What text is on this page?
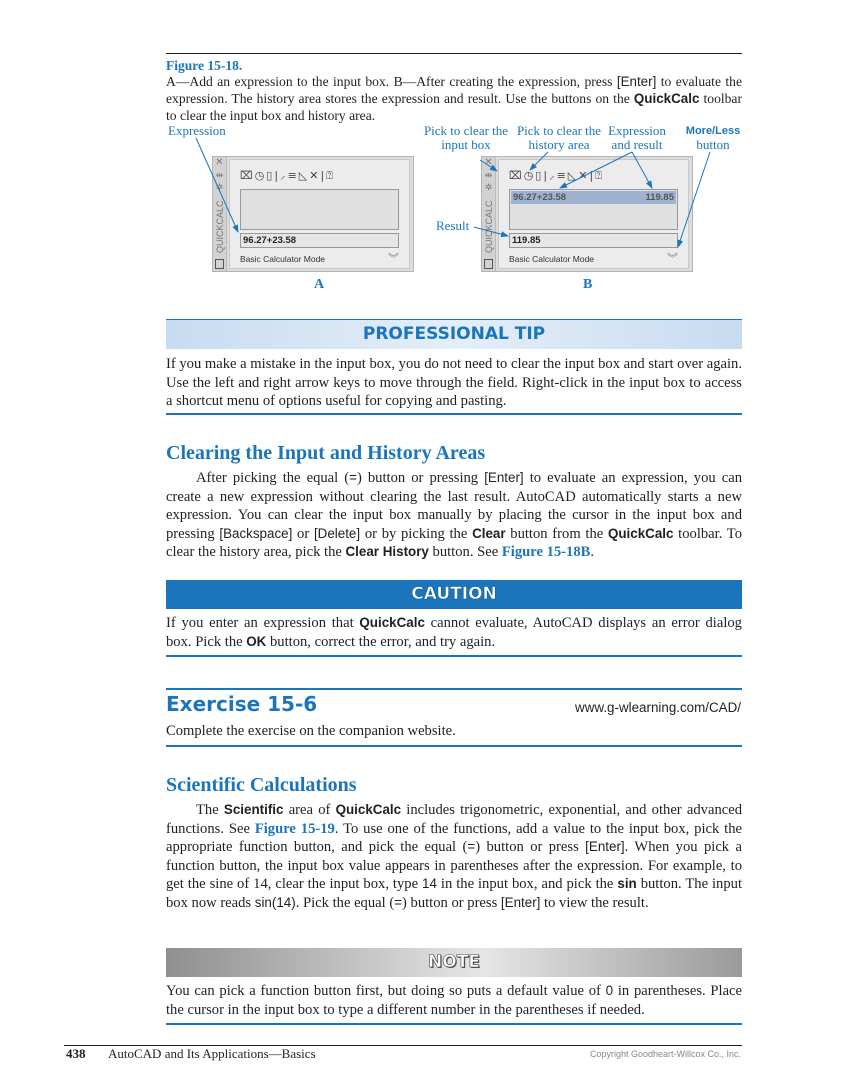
Figure 15-18.
A—Add an expression to the input box. B—After creating the expression, press [Enter] to evaluate the expression. The history area stores the expression and result. Use the buttons on the QuickCalc toolbar to clear the input box and history area.
Expression	Pick to clear the
input box
Pick to clear the
history area
Expression
and result
More/Less
button
Result
A	B
✕
⇹
✲
QUICKCALC
⌧◷▯|⸝≡◺✕|⍰
96.27+23.58
Basic Calculator Mode	︾
✕
⇹
✲
QUICKCALC
⌧◷▯|⸝≡◺✕|⍰
96.27+23.58	119.85
119.85
Basic Calculator Mode	︾
PROFESSIONAL TIP
If you make a mistake in the input box, you do not need to clear the input box and start over again. Use the left and right arrow keys to move through the field. Right-click in the input box to access a shortcut menu of options useful for copying and pasting.
Clearing the Input and History Areas
After picking the equal (=) button or pressing [Enter] to evaluate an expression, you can create a new expression without clearing the last result. AutoCAD automatically starts a new expression. You can clear the input box manually by placing the cursor in the input box and pressing [Backspace] or [Delete] or by picking the Clear button from the QuickCalc toolbar. To clear the history area, pick the Clear History button. See Figure 15-18B.
CAUTION
If you enter an expression that QuickCalc cannot evaluate, AutoCAD displays an error dialog box. Pick the OK button, correct the error, and try again.
Exercise 15-6	www.g-wlearning.com/CAD/
Complete the exercise on the companion website.
Scientific Calculations
The Scientific area of QuickCalc includes trigonometric, exponential, and other advanced functions. See Figure 15-19. To use one of the functions, add a value to the input box, pick the appropriate function button, and pick the equal (=) button or press [Enter]. When you pick a function button, the input box value appears in parentheses after the expression. For example, to get the sine of 14, clear the input box, type 14 in the input box, and pick the sin button. The input box now reads sin(14). Pick the equal (=) button or press [Enter] to view the result.
NOTE
You can pick a function button first, but doing so puts a default value of 0 in parentheses. Place the cursor in the input box to type a different number in the parentheses if needed.
438 AutoCAD and Its Applications—Basics	Copyright Goodheart-Willcox Co., Inc.
